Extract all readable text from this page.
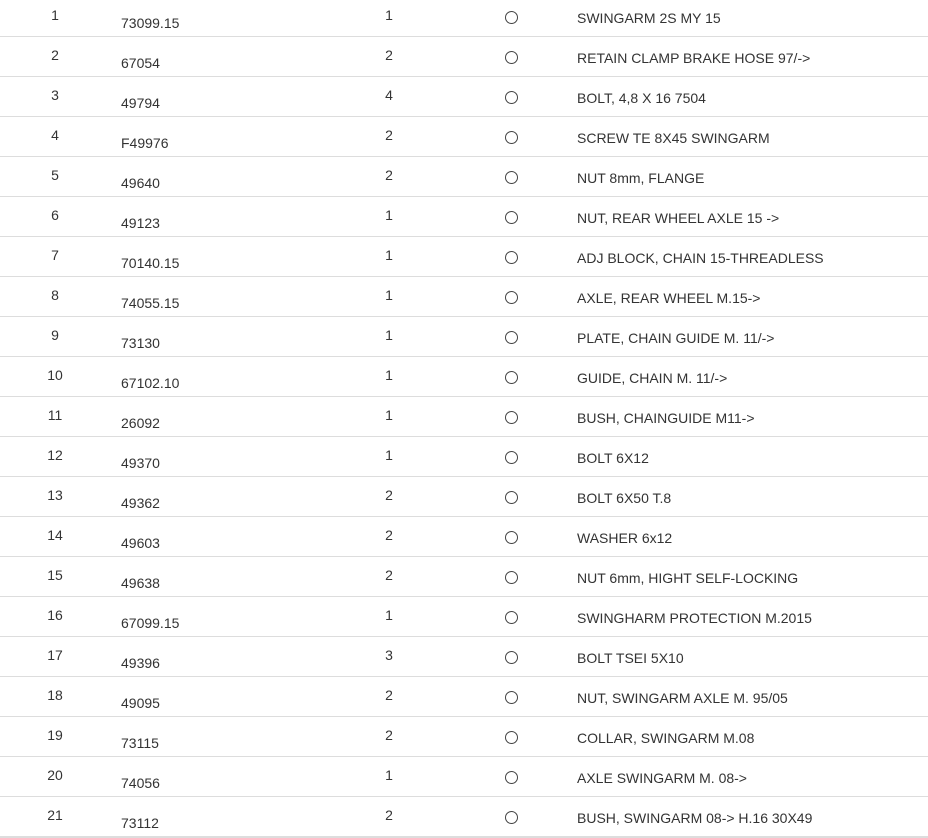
1	73099.15	1	SWINGARM 2S MY 15
2	67054	2	RETAIN CLAMP BRAKE HOSE 97/->
3	49794	4	BOLT, 4,8 X 16 7504
4	F49976	2	SCREW TE 8X45 SWINGARM
5	49640	2	NUT 8mm, FLANGE
6	49123	1	NUT, REAR WHEEL AXLE 15 ->
7	70140.15	1	ADJ BLOCK, CHAIN 15-THREADLESS
8	74055.15	1	AXLE, REAR WHEEL M.15->
9	73130	1	PLATE, CHAIN GUIDE M. 11/->
10	67102.10	1	GUIDE, CHAIN M. 11/->
11	26092	1	BUSH, CHAINGUIDE M11->
12	49370	1	BOLT 6X12
13	49362	2	BOLT 6X50 T.8
14	49603	2	WASHER 6x12
15	49638	2	NUT 6mm, HIGHT SELF-LOCKING
16	67099.15	1	SWINGHARM PROTECTION M.2015
17	49396	3	BOLT TSEI 5X10
18	49095	2	NUT, SWINGARM AXLE M. 95/05
19	73115	2	COLLAR, SWINGARM M.08
20	74056	1	AXLE SWINGARM M. 08->
21	73112	2	BUSH, SWINGARM 08-> H.16 30X49
